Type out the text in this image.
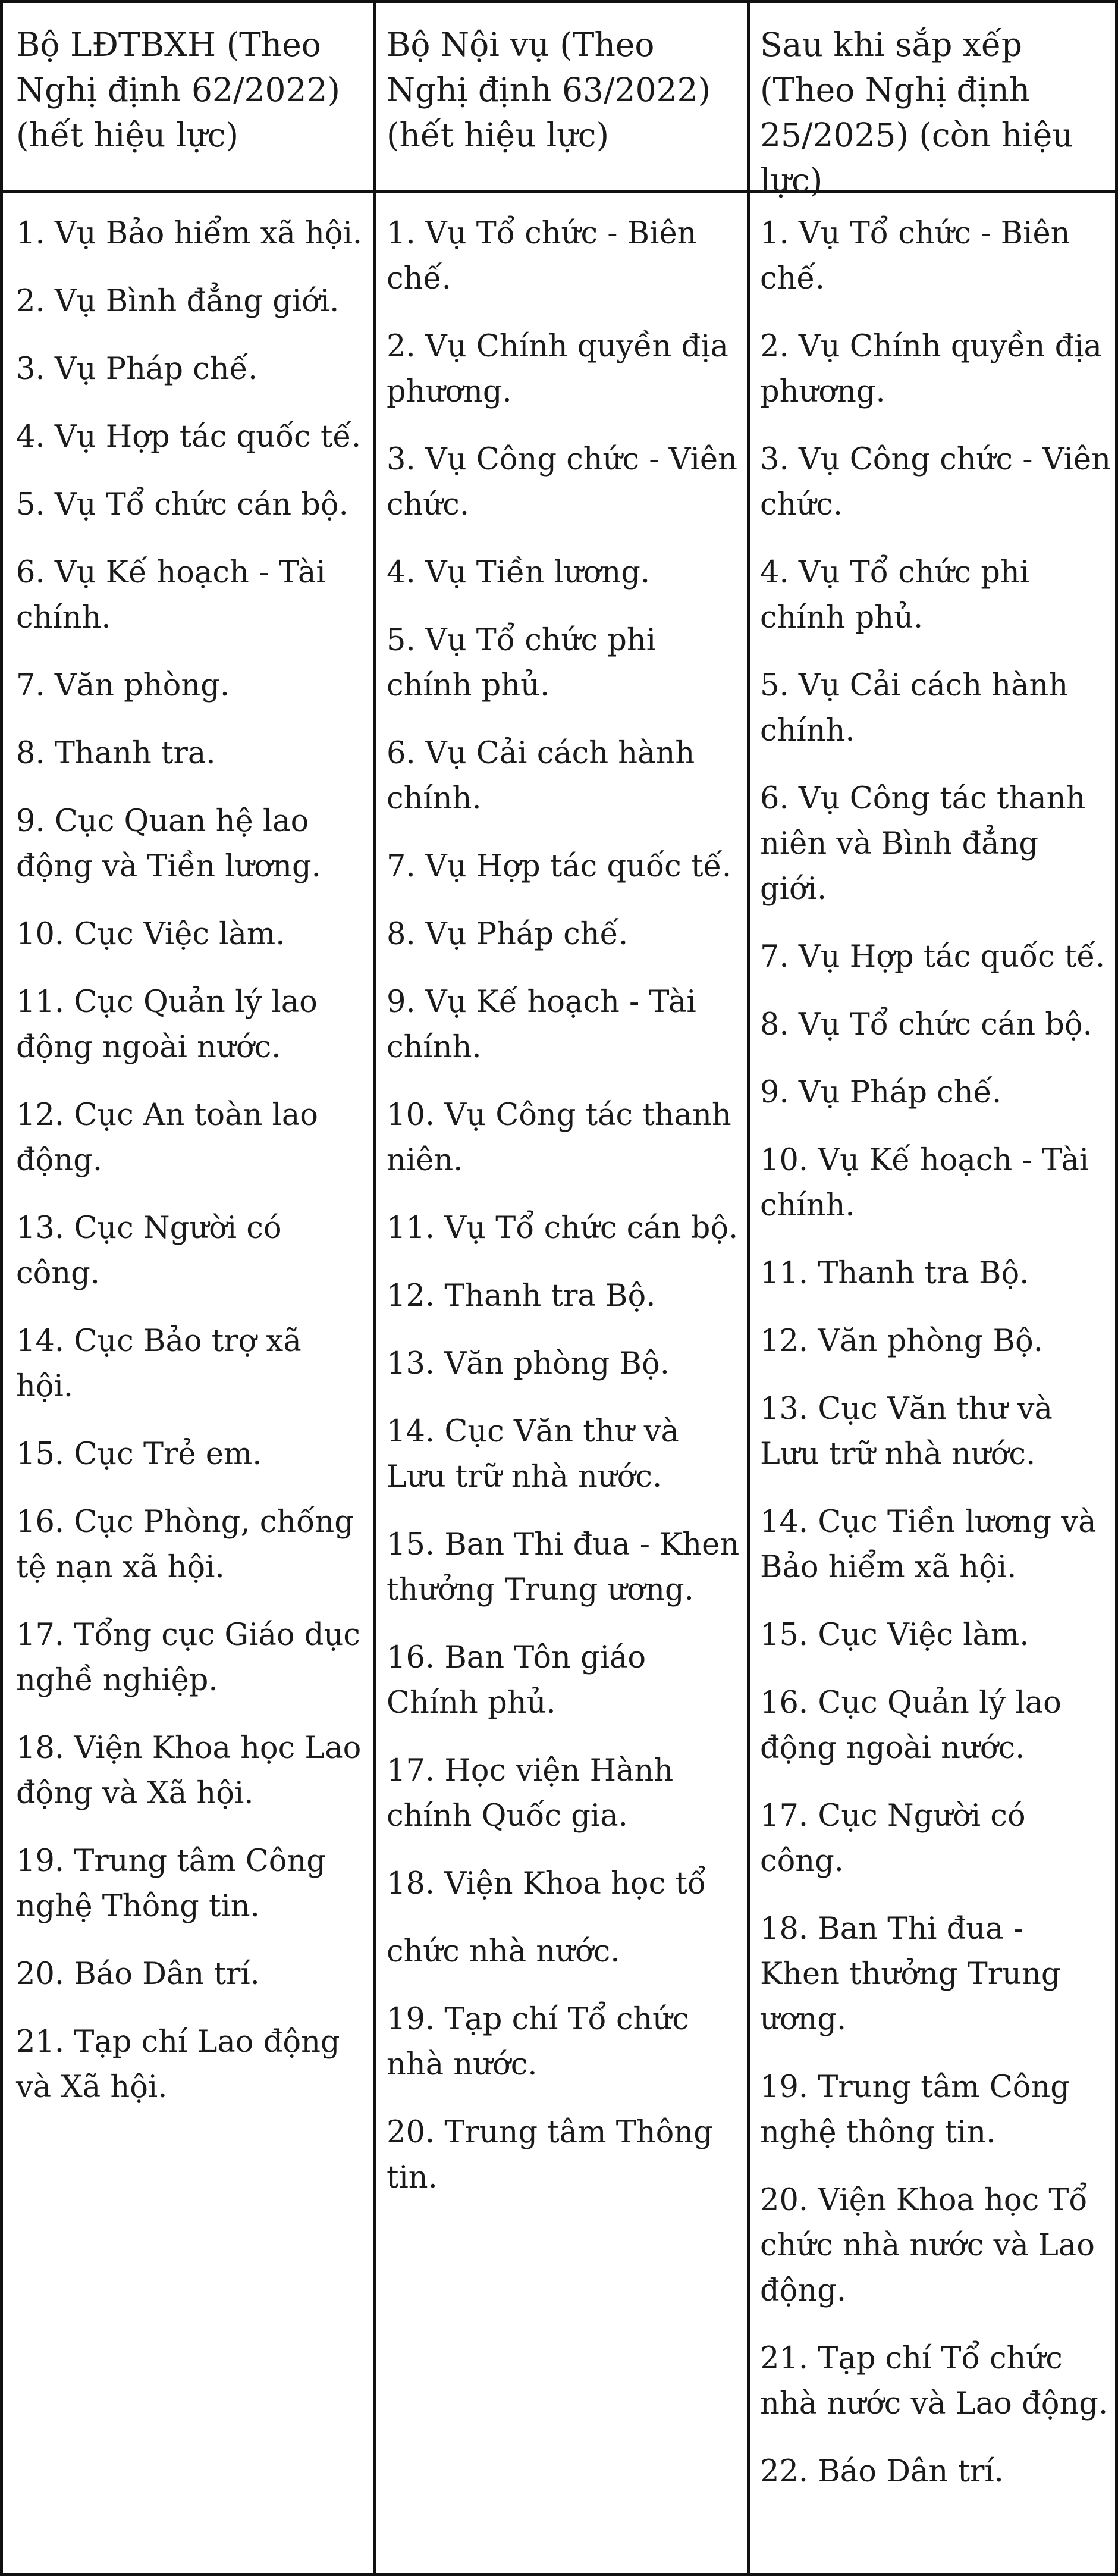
Bộ LĐTBXH (Theo Nghị định 62/2022) (hết hiệu lực)
Bộ Nội vụ (Theo Nghị định 63/2022) (hết hiệu lực)
Sau khi sắp xếp (Theo Nghị định 25/2025) (còn hiệu lực)
1. Vụ Bảo hiểm xã hội.
2. Vụ Bình đẳng giới.
3. Vụ Pháp chế.
4. Vụ Hợp tác quốc tế.
5. Vụ Tổ chức cán bộ.
6. Vụ Kế hoạch - Tài chính.
7. Văn phòng.
8. Thanh tra.
9. Cục Quan hệ lao động và Tiền lương.
10. Cục Việc làm.
11. Cục Quản lý lao động ngoài nước.
12. Cục An toàn lao động.
13. Cục Người có công.
14. Cục Bảo trợ xã hội.
15. Cục Trẻ em.
16. Cục Phòng, chống tệ nạn xã hội.
17. Tổng cục Giáo dục nghề nghiệp.
18. Viện Khoa học Lao động và Xã hội.
19. Trung tâm Công nghệ Thông tin.
20. Báo Dân trí.
21. Tạp chí Lao động và Xã hội.
1. Vụ Tổ chức - Biên chế.
2. Vụ Chính quyền địa phương.
3. Vụ Công chức - Viên chức.
4. Vụ Tiền lương.
5. Vụ Tổ chức phi chính phủ.
6. Vụ Cải cách hành chính.
7. Vụ Hợp tác quốc tế.
8. Vụ Pháp chế.
9. Vụ Kế hoạch - Tài chính.
10. Vụ Công tác thanh niên.
11. Vụ Tổ chức cán bộ.
12. Thanh tra Bộ.
13. Văn phòng Bộ.
14. Cục Văn thư và Lưu trữ nhà nước.
15. Ban Thi đua - Khen thưởng Trung ương.
16. Ban Tôn giáo Chính phủ.
17. Học viện Hành chính Quốc gia.
18. Viện Khoa học tổ
chức nhà nước.
19. Tạp chí Tổ chức nhà nước.
20. Trung tâm Thông tin.
1. Vụ Tổ chức - Biên chế.
2. Vụ Chính quyền địa phương.
3. Vụ Công chức - Viên chức.
4. Vụ Tổ chức phi chính phủ.
5. Vụ Cải cách hành chính.
6. Vụ Công tác thanh niên và Bình đẳng giới.
7. Vụ Hợp tác quốc tế.
8. Vụ Tổ chức cán bộ.
9. Vụ Pháp chế.
10. Vụ Kế hoạch - Tài chính.
11. Thanh tra Bộ.
12. Văn phòng Bộ.
13. Cục Văn thư và Lưu trữ nhà nước.
14. Cục Tiền lương và Bảo hiểm xã hội.
15. Cục Việc làm.
16. Cục Quản lý lao động ngoài nước.
17. Cục Người có công.
18. Ban Thi đua - Khen thưởng Trung ương.
19. Trung tâm Công nghệ thông tin.
20. Viện Khoa học Tổ chức nhà nước và Lao động.
21. Tạp chí Tổ chức nhà nước và Lao động.
22. Báo Dân trí.
